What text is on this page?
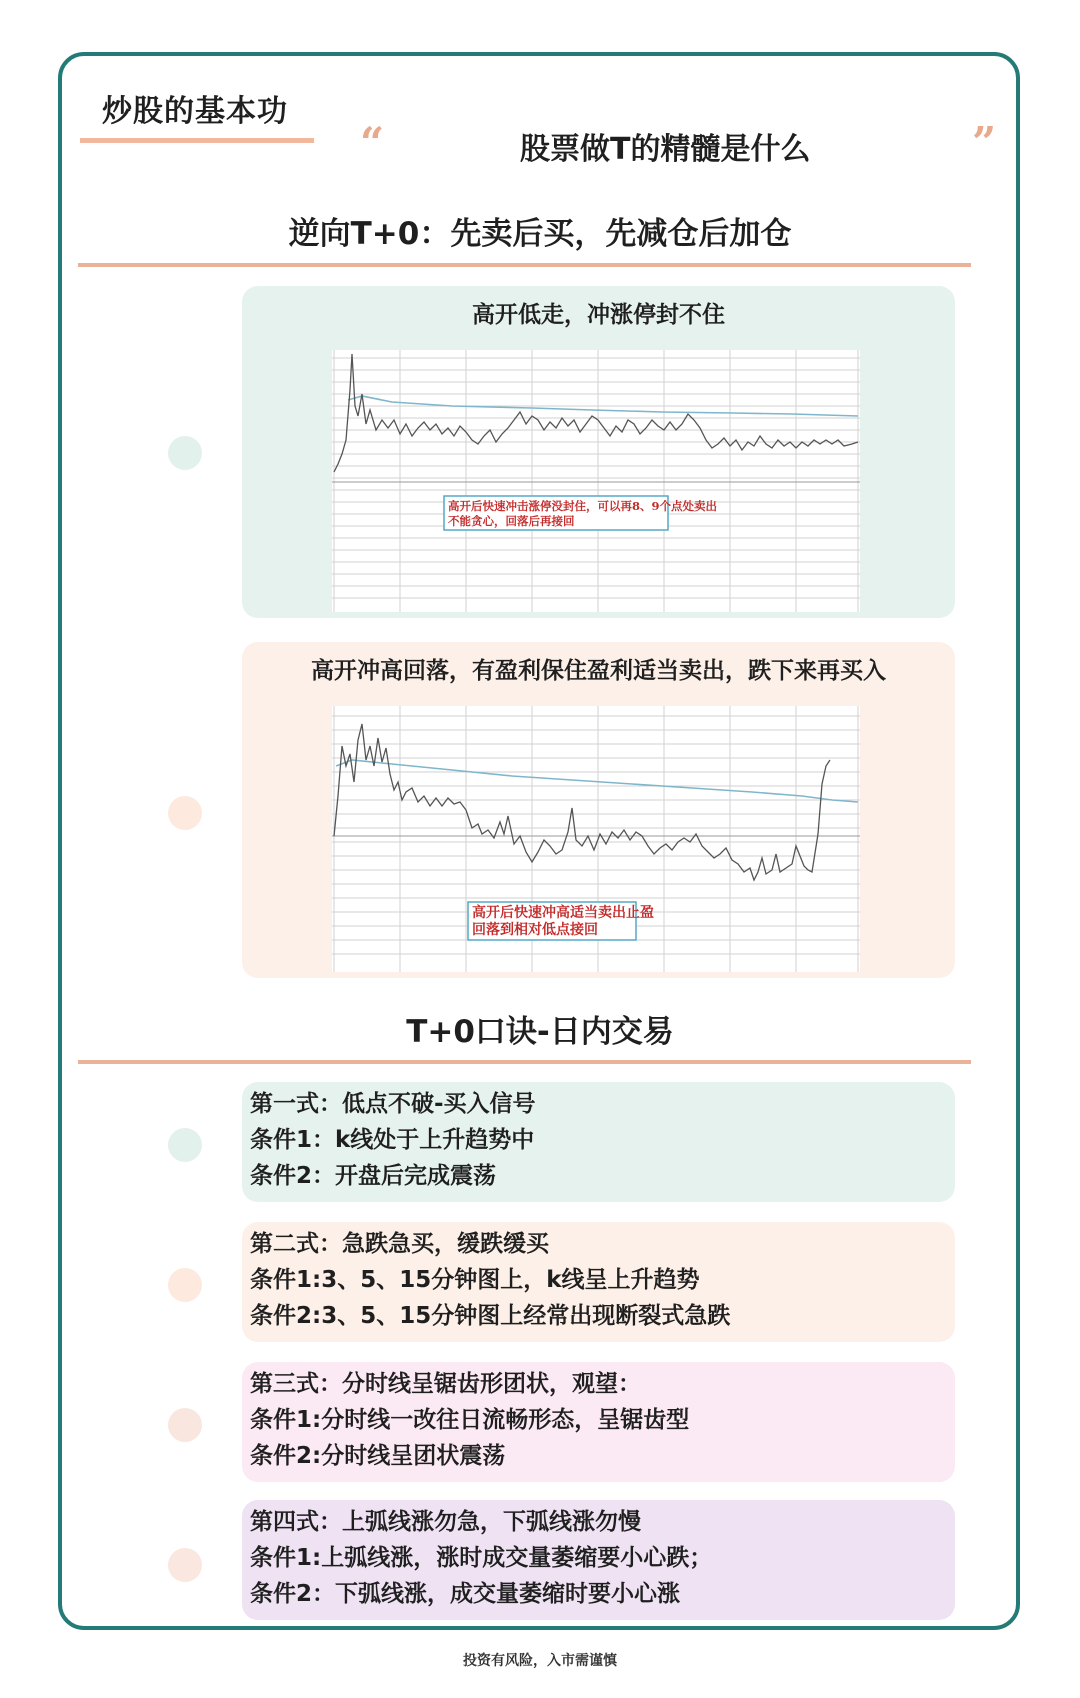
炒股的基本功
“	股票做T的精髓是什么	”
逆向T+0：先卖后买，先减仓后加仓
高开低走，冲涨停封不住
高开后快速冲击涨停没封住，可以再8、9个点处卖出
不能贪心，回落后再接回
高开冲高回落，有盈利保住盈利适当卖出，跌下来再买入
高开后快速冲高适当卖出止盈
回落到相对低点接回
T+0口诀-日内交易
第一式：低点不破-买入信号
条件1：k线处于上升趋势中
条件2：开盘后完成震荡
第二式：急跌急买，缓跌缓买
条件1:3、5、15分钟图上，k线呈上升趋势
条件2:3、5、15分钟图上经常出现断裂式急跌
第三式：分时线呈锯齿形团状，观望：
条件1:分时线一改往日流畅形态，呈锯齿型
条件2:分时线呈团状震荡
第四式：上弧线涨勿急，下弧线涨勿慢
条件1:上弧线涨，涨时成交量萎缩要小心跌；
条件2：下弧线涨，成交量萎缩时要小心涨
投资有风险，入市需谨慎
